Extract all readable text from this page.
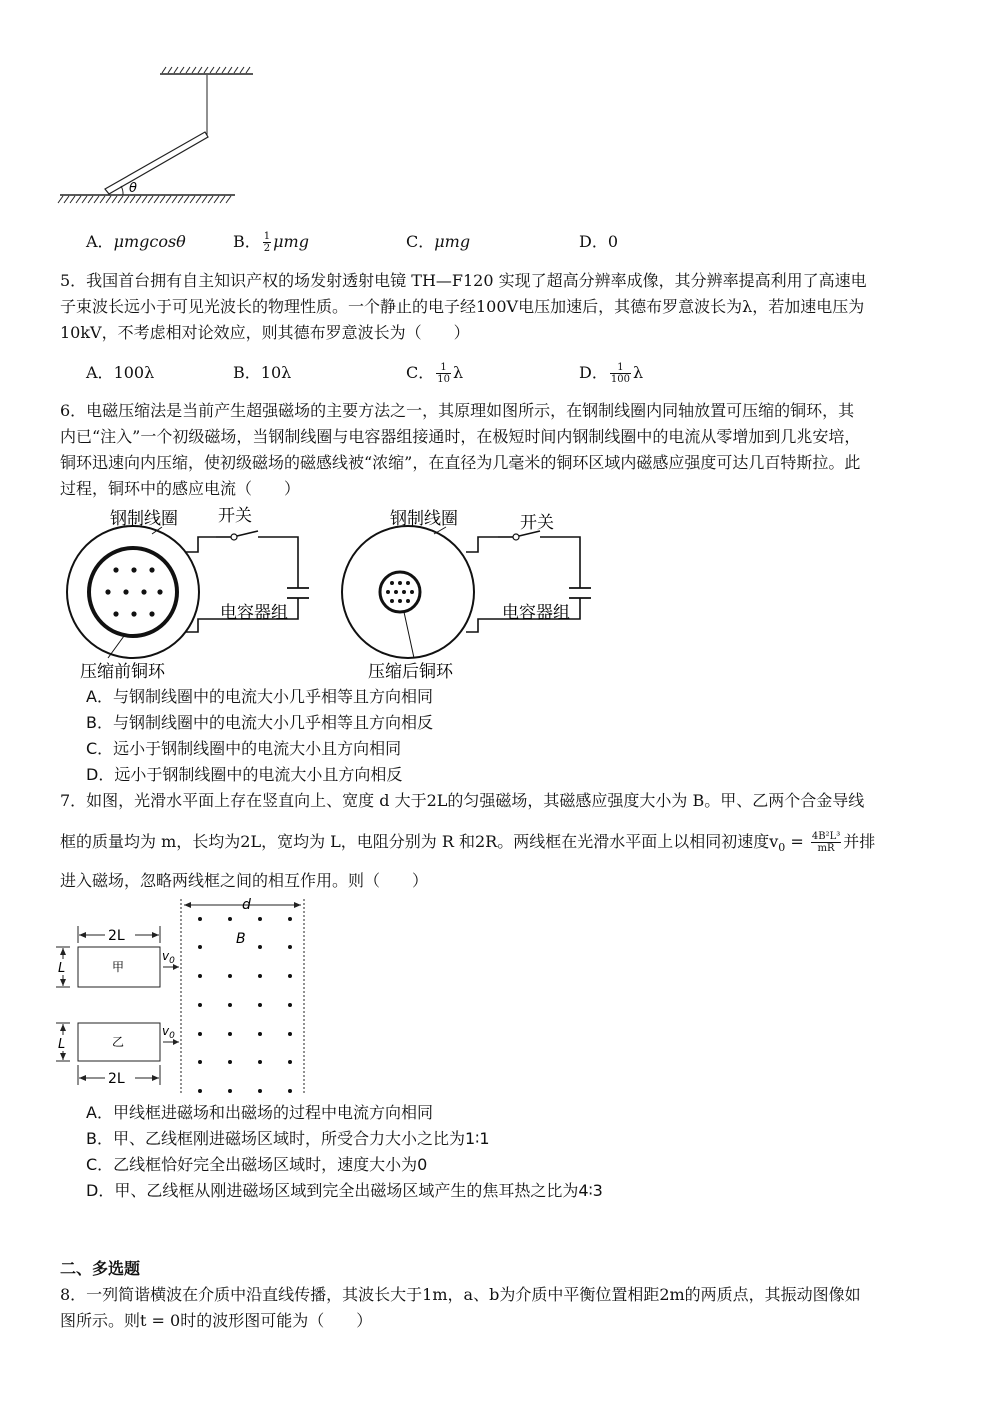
θ
A．μmgcosθ	B． $\frac{1}{2}$ μmg	C．μmg	D．0
5．我国首台拥有自主知识产权的场发射透射电镜 TH—F120 实现了超高分辨率成像，其分辨率提高利用了高速电
子束波长远小于可见光波长的物理性质。一个静止的电子经100V电压加速后，其德布罗意波长为λ，若加速电压为
10kV，不考虑相对论效应，则其德布罗意波长为（　　）
A．100λ	B．10λ	C． $\frac{1}{10}$ λ	D． $\frac{1}{100}$ λ
6．电磁压缩法是当前产生超强磁场的主要方法之一，其原理如图所示，在钢制线圈内同轴放置可压缩的铜环，其
内已“注入”一个初级磁场，当钢制线圈与电容器组接通时，在极短时间内钢制线圈中的电流从零增加到几兆安培，
铜环迅速向内压缩，使初级磁场的磁感线被“浓缩”，在直径为几毫米的铜环区域内磁感应强度可达几百特斯拉。此
过程，铜环中的感应电流（　　）
钢制线圈 开关
电容器组
压缩前铜环
钢制线圈	开关
电容器组
压缩后铜环
A．与钢制线圈中的电流大小几乎相等且方向相同
B．与钢制线圈中的电流大小几乎相等且方向相反
C．远小于钢制线圈中的电流大小且方向相同
D．远小于钢制线圈中的电流大小且方向相反
7．如图，光滑水平面上存在竖直向上、宽度 d 大于2L的匀强磁场，其磁感应强度大小为 B。甲、乙两个合金导线
框的质量均为 m，长均为2L，宽均为 L，电阻分别为 R 和2R。两线框在光滑水平面上以相同初速度$v_0 = \frac{\text{4B²L³}}{mR}$ 并排
进入磁场，忽略两线框之间的相互作用。则（　　）
d
B
2L
甲
L
$v_0$
乙
L
$v_0$
2L
A．甲线框进磁场和出磁场的过程中电流方向相同
B．甲、乙线框刚进磁场区域时，所受合力大小之比为1∶1
C．乙线框恰好完全出磁场区域时，速度大小为0
D．甲、乙线框从刚进磁场区域到完全出磁场区域产生的焦耳热之比为4∶3
二、多选题
8．一列简谐横波在介质中沿直线传播，其波长大于1m，a、b为介质中平衡位置相距2m的两质点，其振动图像如
图所示。则t = 0时的波形图可能为（　　）
